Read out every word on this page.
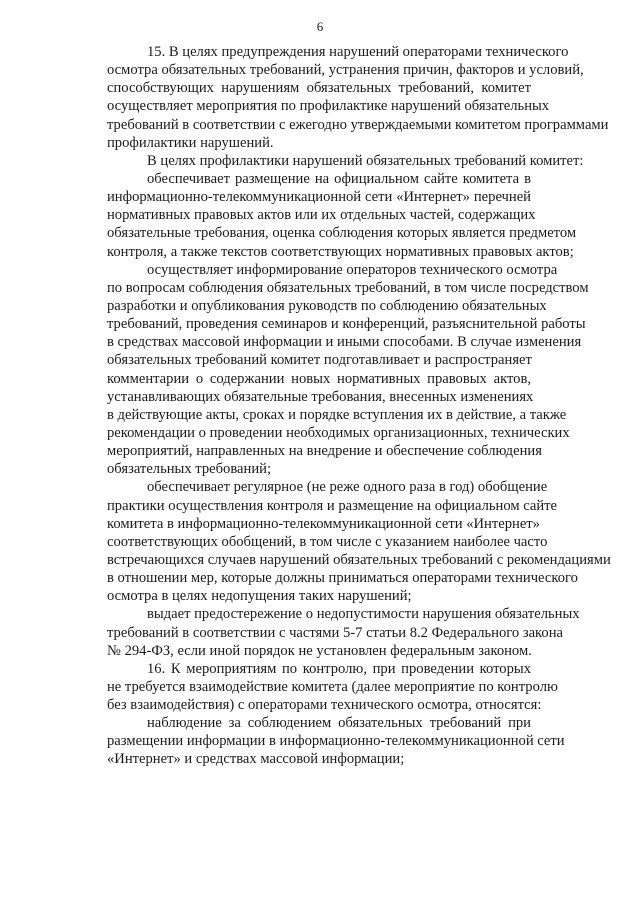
6
15. В целях предупреждения нарушений операторами технического
осмотра обязательных требований, устранения причин, факторов и условий,
способствующих нарушениям обязательных требований, комитет
осуществляет мероприятия по профилактике нарушений обязательных
требований в соответствии с ежегодно утверждаемыми комитетом программами
профилактики нарушений.
В целях профилактики нарушений обязательных требований комитет:
обеспечивает размещение на официальном сайте комитета в
информационно-телекоммуникационной сети «Интернет» перечней
нормативных правовых актов или их отдельных частей, содержащих
обязательные требования, оценка соблюдения которых является предметом
контроля, а также текстов соответствующих нормативных правовых актов;
осуществляет информирование операторов технического осмотра
по вопросам соблюдения обязательных требований, в том числе посредством
разработки и опубликования руководств по соблюдению обязательных
требований, проведения семинаров и конференций, разъяснительной работы
в средствах массовой информации и иными способами. В случае изменения
обязательных требований комитет подготавливает и распространяет
комментарии о содержании новых нормативных правовых актов,
устанавливающих обязательные требования, внесенных изменениях
в действующие акты, сроках и порядке вступления их в действие, а также
рекомендации о проведении необходимых организационных, технических
мероприятий, направленных на внедрение и обеспечение соблюдения
обязательных требований;
обеспечивает регулярное (не реже одного раза в год) обобщение
практики осуществления контроля и размещение на официальном сайте
комитета в информационно-телекоммуникационной сети «Интернет»
соответствующих обобщений, в том числе с указанием наиболее часто
встречающихся случаев нарушений обязательных требований с рекомендациями
в отношении мер, которые должны приниматься операторами технического
осмотра в целях недопущения таких нарушений;
выдает предостережение о недопустимости нарушения обязательных
требований в соответствии с частями 5-7 статьи 8.2 Федерального закона
№ 294-ФЗ, если иной порядок не установлен федеральным законом.
16. К мероприятиям по контролю, при проведении которых
не требуется взаимодействие комитета (далее мероприятие по контролю
без взаимодействия) с операторами технического осмотра, относятся:
наблюдение за соблюдением обязательных требований при
размещении информации в информационно-телекоммуникационной сети
«Интернет» и средствах массовой информации;
